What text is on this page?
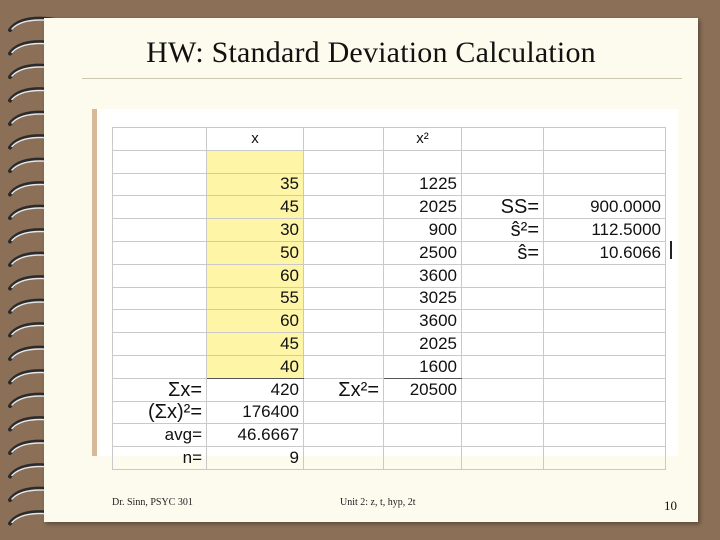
HW: Standard Deviation Calculation
	x		x²		

	35		1225		
	45		2025	SS=	900.0000
	30		900	ŝ²=	112.5000
	50		2500	ŝ=	10.6066
	60		3600		
	55		3025		
	60		3600		
	45		2025		
	40		1600		
Σx=	420	Σx²=	20500		
(Σx)²=	176400				
avg=	46.6667				
n=	9				
Dr. Sinn, PSYC 301	Unit 2: z, t, hyp, 2t	10
